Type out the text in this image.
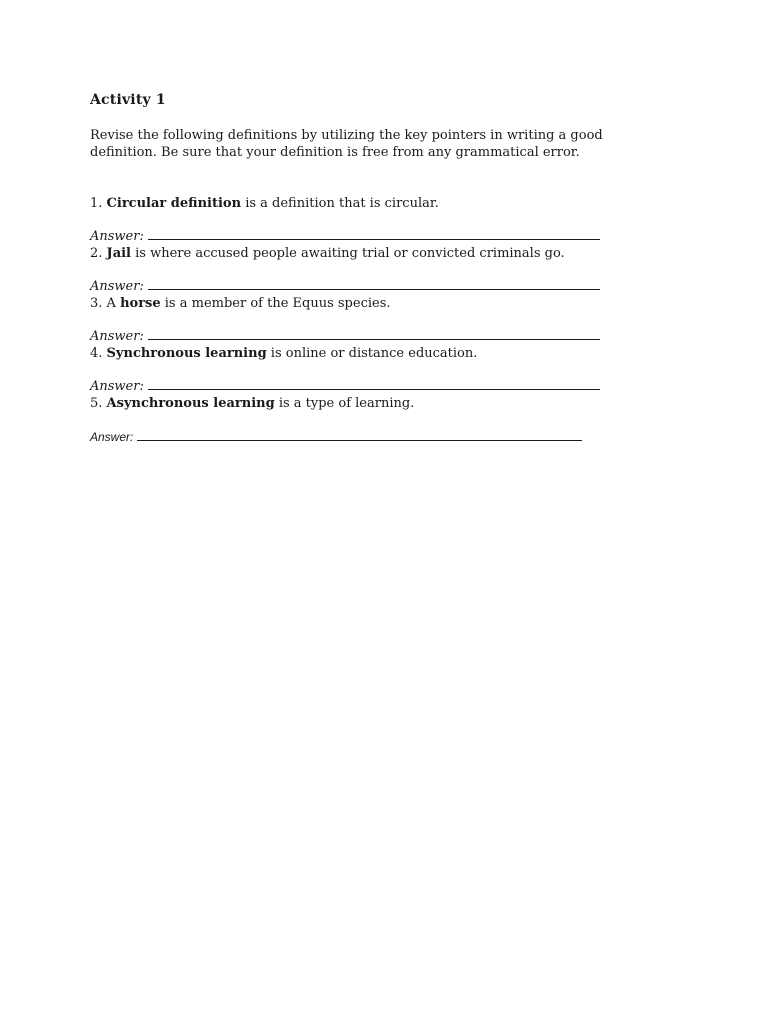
Activity 1
Revise the following definitions by utilizing the key pointers in writing a good definition. Be sure that your definition is free from any grammatical error.
1. Circular definition is a definition that is circular.
Answer:
2. Jail is where accused people awaiting trial or convicted criminals go.
Answer:
3. A horse is a member of the Equus species.
Answer:
4. Synchronous learning is online or distance education.
Answer:
5. Asynchronous learning is a type of learning.
Answer:
